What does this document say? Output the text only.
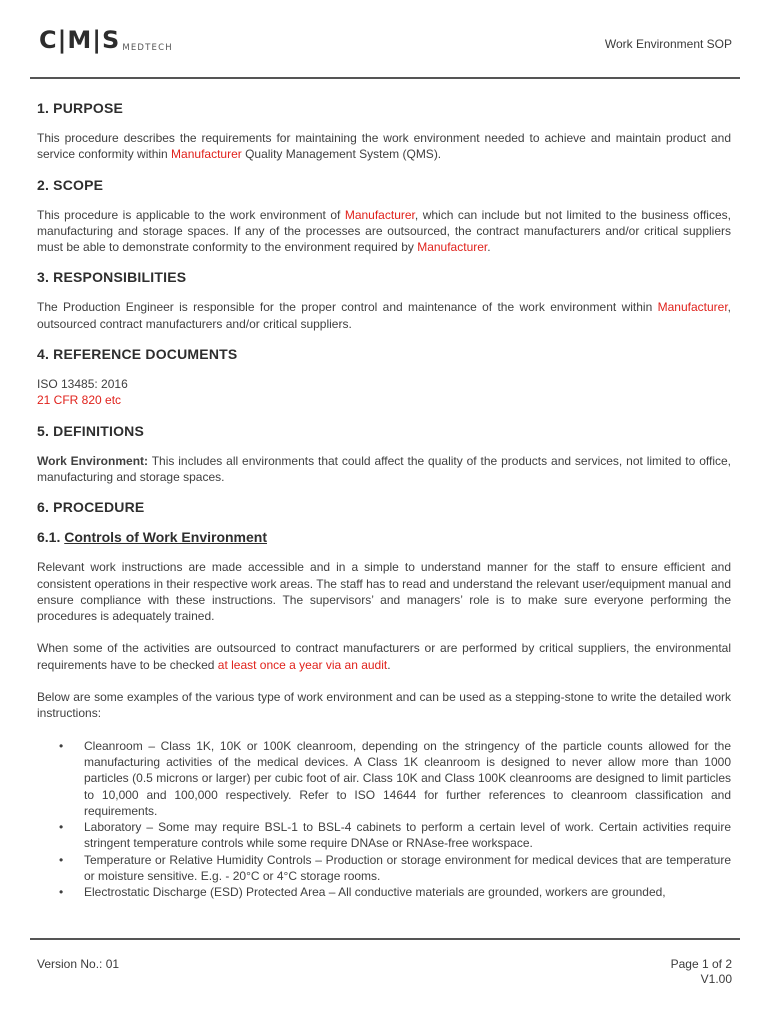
C|M|S MEDTECH	Work Environment SOP
1. PURPOSE

This procedure describes the requirements for maintaining the work environment needed to achieve and maintain product and service conformity within Manufacturer Quality Management System (QMS).

2. SCOPE

This procedure is applicable to the work environment of Manufacturer, which can include but not limited to the business offices, manufacturing and storage spaces. If any of the processes are outsourced, the contract manufacturers and/or critical suppliers must be able to demonstrate conformity to the environment required by Manufacturer.

3. RESPONSIBILITIES

The Production Engineer is responsible for the proper control and maintenance of the work environment within Manufacturer, outsourced contract manufacturers and/or critical suppliers.

4. REFERENCE DOCUMENTS

ISO 13485: 2016

21 CFR 820 etc

5. DEFINITIONS

Work Environment: This includes all environments that could affect the quality of the products and services, not limited to office, manufacturing and storage spaces.

6. PROCEDURE
6.1. Controls of Work Environment

Relevant work instructions are made accessible and in a simple to understand manner for the staff to ensure efficient and consistent operations in their respective work areas. The staff has to read and understand the relevant user/equipment manual and ensure compliance with these instructions. The supervisors’ and managers’ role is to make sure everyone performing the procedures is adequately trained.

When some of the activities are outsourced to contract manufacturers or are performed by critical suppliers, the environmental requirements have to be checked at least once a year via an audit.

Below are some examples of the various type of work environment and can be used as a stepping-stone to write the detailed work instructions:

• Cleanroom – Class 1K, 10K or 100K cleanroom, depending on the stringency of the particle counts allowed for the manufacturing activities of the medical devices. A Class 1K cleanroom is designed to never allow more than 1000 particles (0.5 microns or larger) per cubic foot of air. Class 10K and Class 100K cleanrooms are designed to limit particles to 10,000 and 100,000 respectively. Refer to ISO 14644 for further references to cleanroom classification and requirements.
• Laboratory – Some may require BSL-1 to BSL-4 cabinets to perform a certain level of work. Certain activities require stringent temperature controls while some require DNAse or RNAse-free workspace.
• Temperature or Relative Humidity Controls – Production or storage environment for medical devices that are temperature or moisture sensitive. E.g. - 20°C or 4°C storage rooms.
• Electrostatic Discharge (ESD) Protected Area – All conductive materials are grounded, workers are grounded,
Version No.: 01	Page 1 of 2
V1.00
